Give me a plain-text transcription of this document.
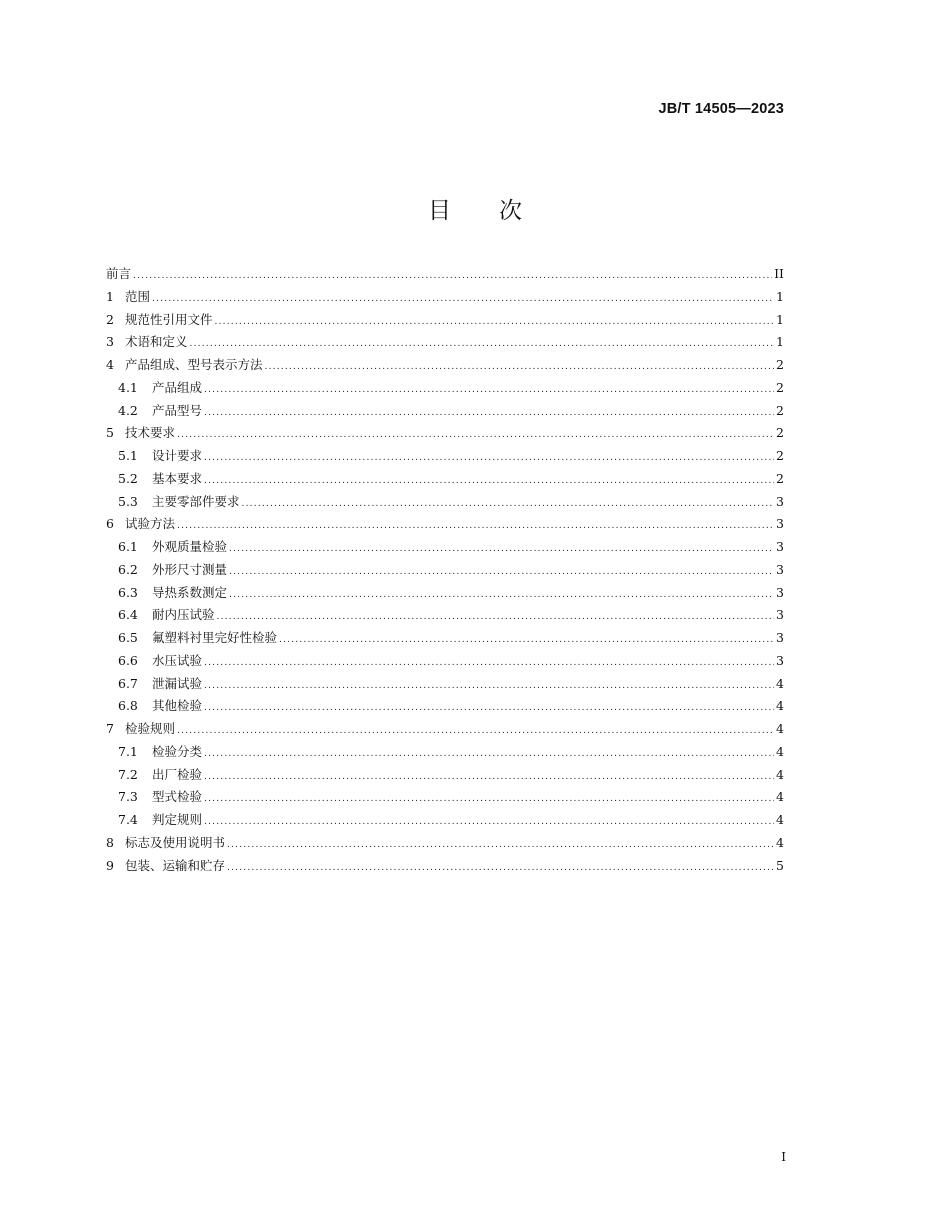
JB/T 14505—2023
目 次
前言 .....	II
1 范围 .....	1
2 规范性引用文件 .....	1
3 术语和定义 .....	1
4 产品组成、型号表示方法 .....	2
4.1	产品组成 .....	2
4.2	产品型号 .....	2
5 技术要求 .....	2
5.1	设计要求 .....	2
5.2	基本要求 .....	2
5.3	主要零部件要求 .....	3
6 试验方法 .....	3
6.1	外观质量检验 .....	3
6.2	外形尺寸测量 .....	3
6.3	导热系数测定 .....	3
6.4	耐内压试验 .....	3
6.5	氟塑料衬里完好性检验 .....	3
6.6	水压试验 .....	3
6.7	泄漏试验 .....	4
6.8	其他检验 .....	4
7 检验规则 .....	4
7.1	检验分类 .....	4
7.2	出厂检验 .....	4
7.3	型式检验 .....	4
7.4	判定规则 .....	4
8 标志及使用说明书 .....	4
9 包装、运输和贮存 .....	5
I
